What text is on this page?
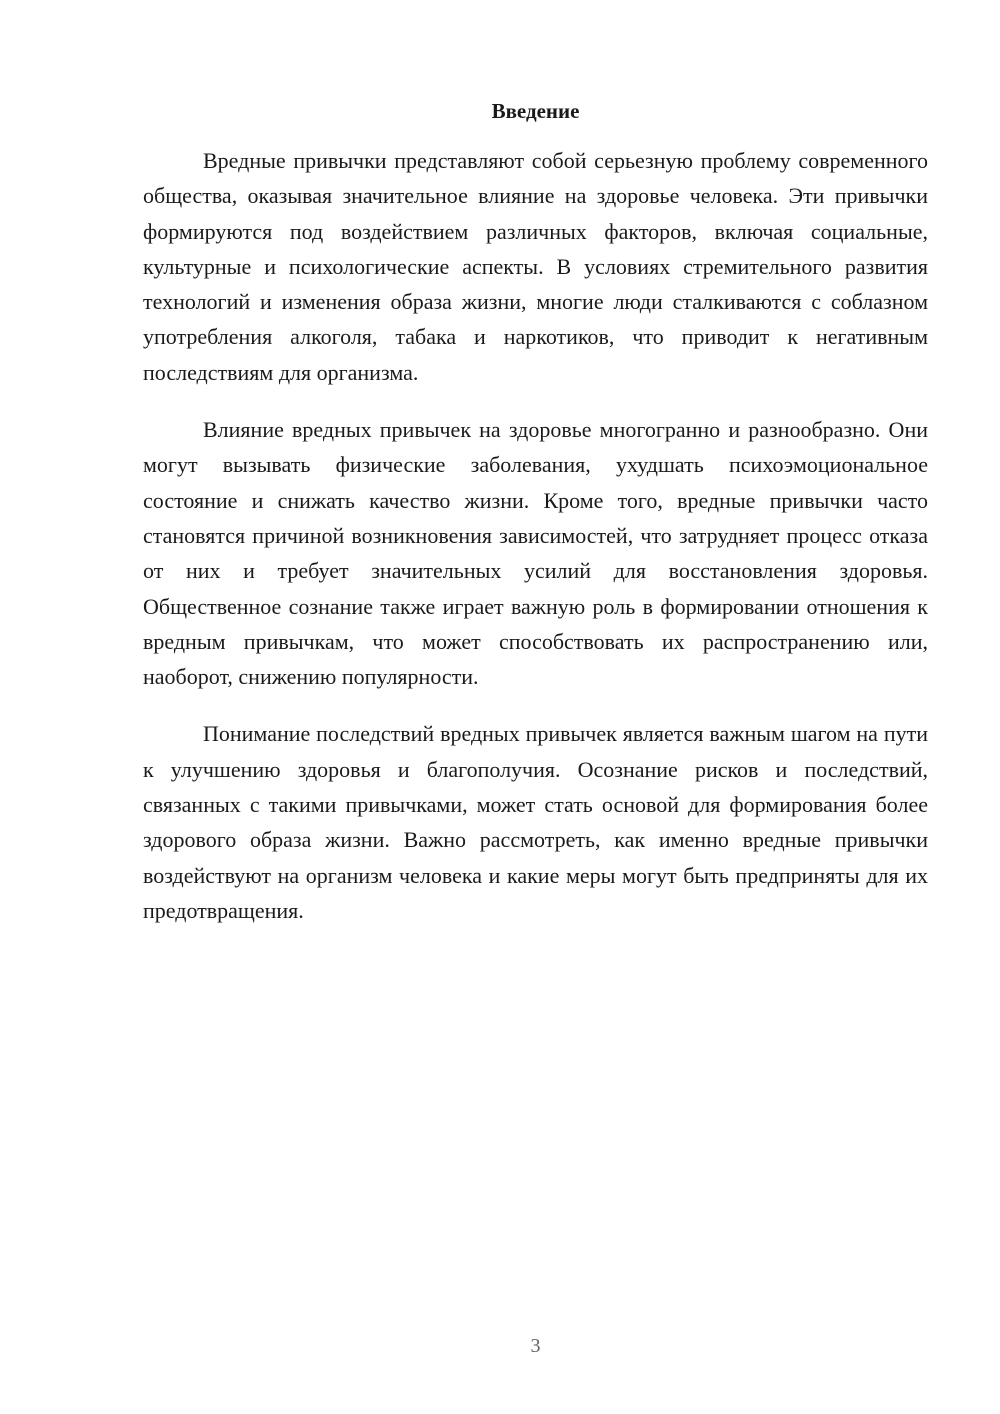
Введение

Вредные привычки представляют собой серьезную проблему современного общества, оказывая значительное влияние на здоровье человека. Эти привычки формируются под воздействием различных факторов, включая социальные, культурные и психологические аспекты. В условиях стремительного развития технологий и изменения образа жизни, многие люди сталкиваются с соблазном употребления алкоголя, табака и наркотиков, что приводит к негативным последствиям для организма.

Влияние вредных привычек на здоровье многогранно и разнообразно. Они могут вызывать физические заболевания, ухудшать психоэмоциональное состояние и снижать качество жизни. Кроме того, вредные привычки часто становятся причиной возникновения зависимостей, что затрудняет процесс отказа от них и требует значительных усилий для восстановления здоровья. Общественное сознание также играет важную роль в формировании отношения к вредным привычкам, что может способствовать их распространению или, наоборот, снижению популярности.

Понимание последствий вредных привычек является важным шагом на пути к улучшению здоровья и благополучия. Осознание рисков и последствий, связанных с такими привычками, может стать основой для формирования более здорового образа жизни. Важно рассмотреть, как именно вредные привычки воздействуют на организм человека и какие меры могут быть предприняты для их предотвращения.

3
